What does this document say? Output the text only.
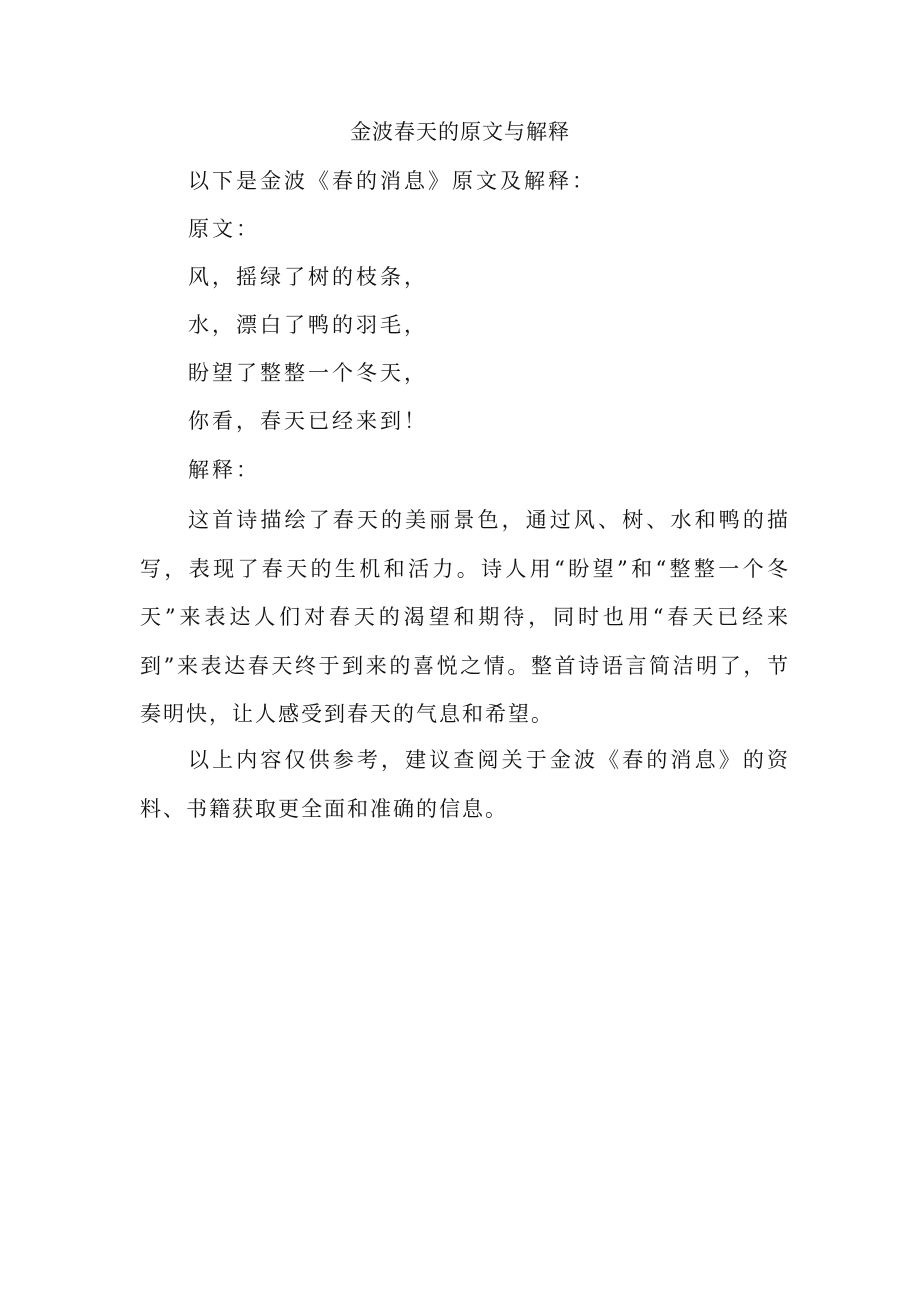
金波春天的原文与解释
以下是金波《春的消息》原文及解释：
原文：
风，摇绿了树的枝条，
水，漂白了鸭的羽毛，
盼望了整整一个冬天，
你看，春天已经来到！
解释：
这首诗描绘了春天的美丽景色，通过风、树、水和鸭的描写，表现了春天的生机和活力。诗人用“盼望”和“整整一个冬天”来表达人们对春天的渴望和期待，同时也用“春天已经来到”来表达春天终于到来的喜悦之情。整首诗语言简洁明了，节奏明快，让人感受到春天的气息和希望。
以上内容仅供参考，建议查阅关于金波《春的消息》的资料、书籍获取更全面和准确的信息。
